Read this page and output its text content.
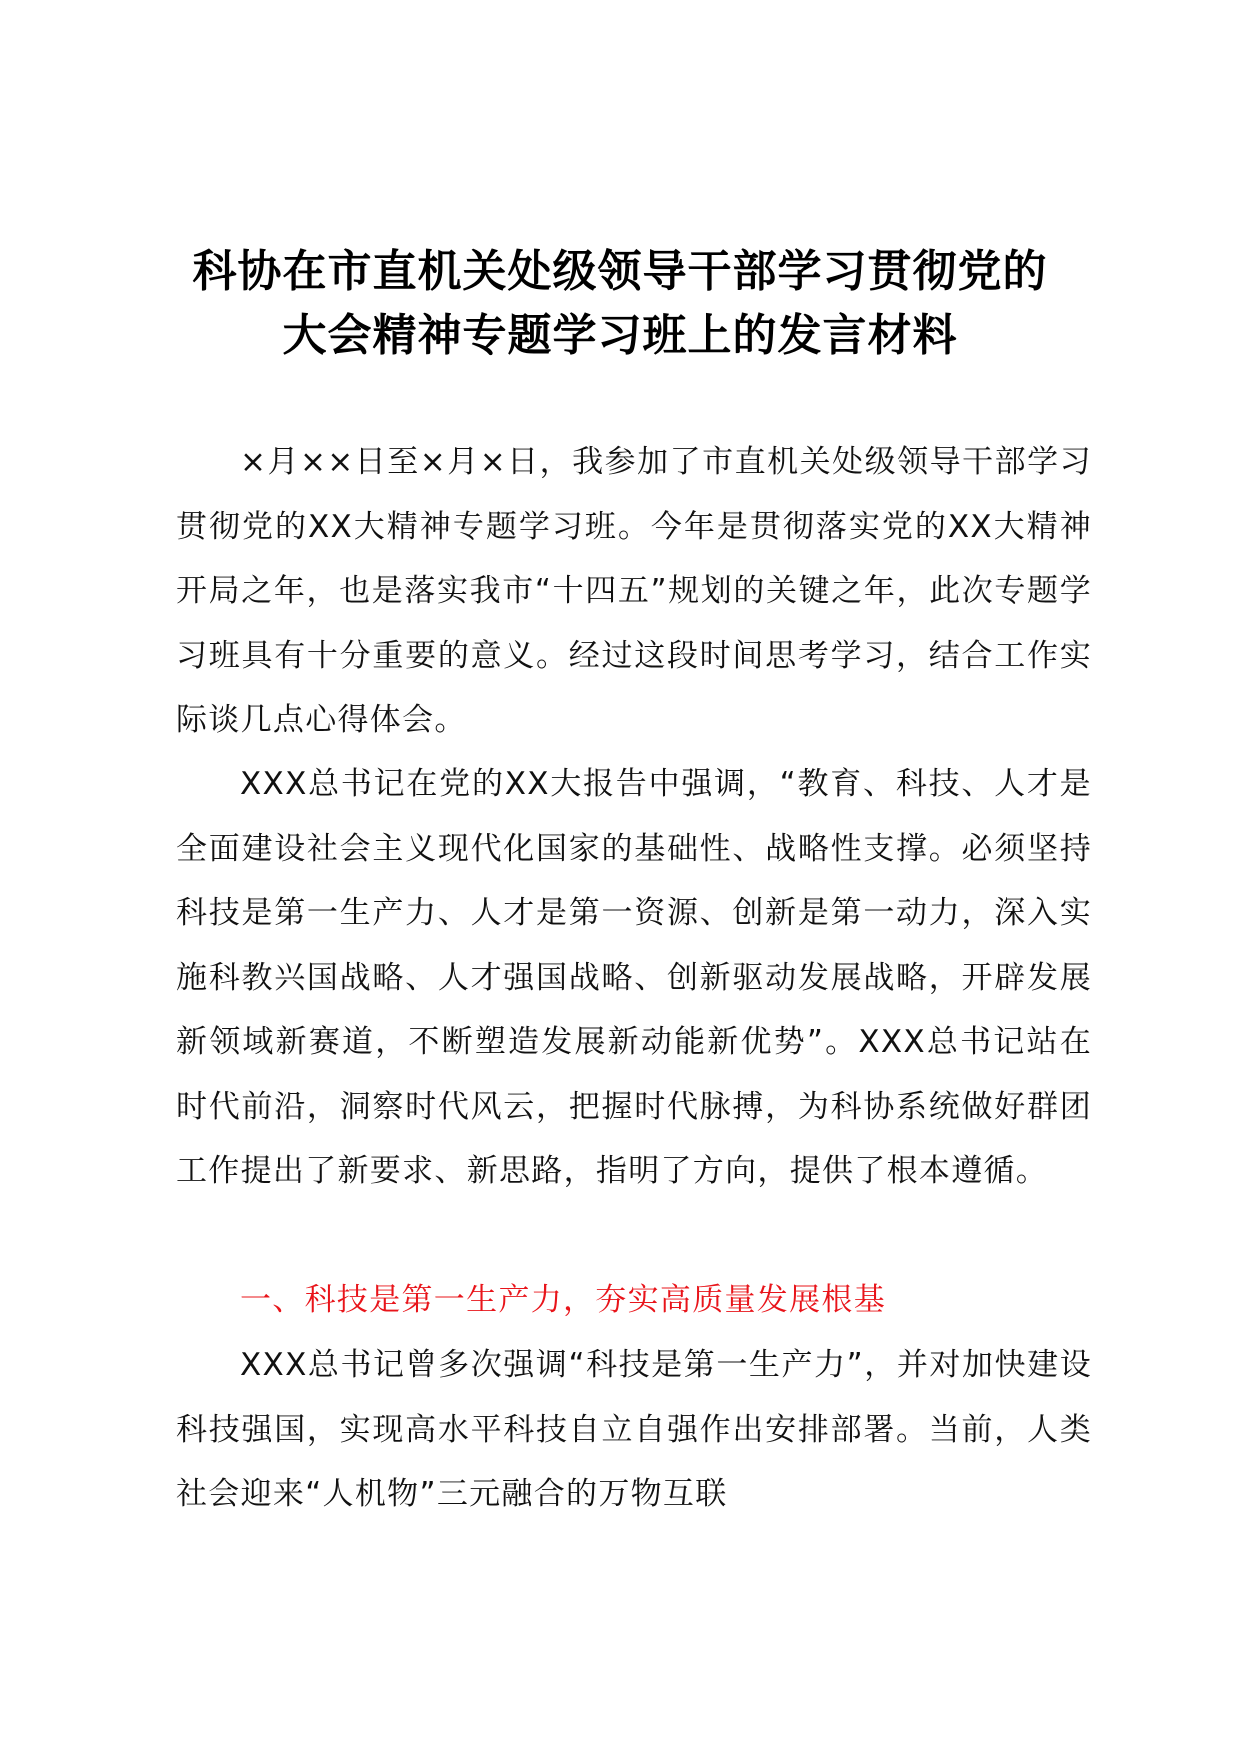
科协在市直机关处级领导干部学习贯彻党的
大会精神专题学习班上的发言材料

×月××日至×月×日，我参加了市直机关处级领导干部学习贯彻党的XX大精神专题学习班。今年是贯彻落实党的XX大精神开局之年，也是落实我市“十四五”规划的关键之年，此次专题学习班具有十分重要的意义。经过这段时间思考学习，结合工作实际谈几点心得体会。

XXX总书记在党的XX大报告中强调，“教育、科技、人才是全面建设社会主义现代化国家的基础性、战略性支撑。必须坚持科技是第一生产力、人才是第一资源、创新是第一动力，深入实施科教兴国战略、人才强国战略、创新驱动发展战略，开辟发展新领域新赛道，不断塑造发展新动能新优势”。XXX总书记站在时代前沿，洞察时代风云，把握时代脉搏，为科协系统做好群团工作提出了新要求、新思路，指明了方向，提供了根本遵循。

一、科技是第一生产力，夯实高质量发展根基

XXX总书记曾多次强调“科技是第一生产力”，并对加快建设科技强国，实现高水平科技自立自强作出安排部署。当前，人类社会迎来“人机物”三元融合的万物互联
